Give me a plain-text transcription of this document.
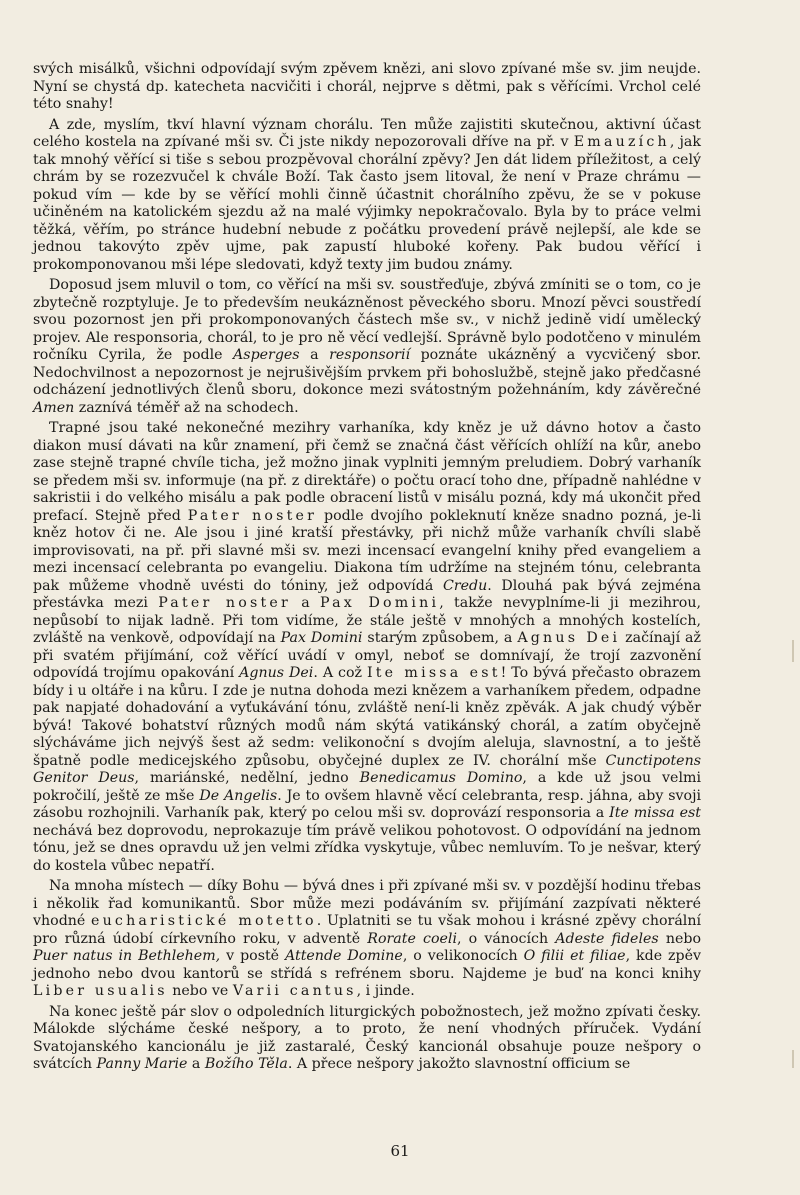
svých misálků, všichni odpovídají svým zpěvem knězi, ani slovo zpívané mše sv. jim neujde. Nyní se chystá dp. katecheta nacvičiti i chorál, nejprve s dětmi, pak s věřícími. Vrchol celé této snahy!

A zde, myslím, tkví hlavní význam chorálu. Ten může zajistiti skutečnou, aktivní účast celého kostela na zpívané mši sv. Či jste nikdy nepozorovali dříve na př. v Emauzích, jak tak mnohý věřící si tiše s sebou prozpěvoval chorální zpěvy? Jen dát lidem příležitost, a celý chrám by se rozezvučel k chvále Boží. Tak často jsem litoval, že není v Praze chrámu — pokud vím — kde by se věřící mohli činně účastnit chorálního zpěvu, že se v pokuse učiněném na katolickém sjezdu až na malé výjimky nepokračovalo. Byla by to práce velmi těžká, věřím, po stránce hudební nebude z počátku provedení právě nejlepší, ale kde se jednou takovýto zpěv ujme, pak zapustí hluboké kořeny. Pak budou věřící i prokomponovanou mši lépe sledovati, když texty jim budou známy.

Doposud jsem mluvil o tom, co věřící na mši sv. soustřeďuje, zbývá zmíniti se o tom, co je zbytečně rozptyluje. Je to především neukázněnost pěveckého sboru. Mnozí pěvci soustředí svou pozornost jen při prokomponovaných částech mše sv., v nichž jedině vidí umělecký projev. Ale responsoria, chorál, to je pro ně věcí vedlejší. Správně bylo podotčeno v minulém ročníku Cyrila, že podle Asperges a responsorií poznáte ukázněný a vycvičený sbor. Nedochvilnost a nepozornost je nejrušivějším prvkem při bohoslužbě, stejně jako předčasné odcházení jednotlivých členů sboru, dokonce mezi svátostným požehnáním, kdy závěrečné Amen zaznívá téměř až na schodech.

Trapné jsou také nekonečné mezihry varhaníka, kdy kněz je už dávno hotov a často diakon musí dávati na kůr znamení, při čemž se značná část věřících ohlíží na kůr, anebo zase stejně trapné chvíle ticha, jež možno jinak vyplniti jemným preludiem. Dobrý varhaník se předem mši sv. informuje (na př. z direktáře) o počtu orací toho dne, případně nahlédne v sakristii i do velkého misálu a pak podle obracení listů v misálu pozná, kdy má ukončit před prefací. Stejně před Pater noster podle dvojího pokleknutí kněze snadno pozná, je-li kněz hotov či ne. Ale jsou i jiné kratší přestávky, při nichž může varhaník chvíli slabě improvisovati, na př. při slavné mši sv. mezi incensací evangelní knihy před evangeliem a mezi incensací celebranta po evangeliu. Diakona tím udržíme na stejném tónu, celebranta pak můžeme vhodně uvésti do tóniny, jež odpovídá Credu. Dlouhá pak bývá zejména přestávka mezi Pater noster a Pax Domini, takže nevyplníme-li ji mezihrou, nepůsobí to nijak ladně. Při tom vidíme, že stále ještě v mnohých a mnohých kostelích, zvláště na venkově, odpovídají na Pax Domini starým způsobem, a Agnus Dei začínají až při svatém přijímání, což věřící uvádí v omyl, neboť se domnívají, že trojí zazvonění odpovídá trojímu opakování Agnus Dei. A což Ite missa est! To bývá přečasto obrazem bídy i u oltáře i na kůru. I zde je nutna dohoda mezi knězem a varhaníkem předem, odpadne pak napjaté dohadování a vyťukávání tónu, zvláště není-li kněz zpěvák. A jak chudý výběr bývá! Takové bohatství různých modů nám skýtá vatikánský chorál, a zatím obyčejně slýcháváme jich nejvýš šest až sedm: velikonoční s dvojím aleluja, slavnostní, a to ještě špatně podle medicejského způsobu, obyčejné duplex ze IV. chorální mše Cunctipotens Genitor Deus, mariánské, nedělní, jedno Benedicamus Domino, a kde už jsou velmi pokročilí, ještě ze mše De Angelis. Je to ovšem hlavně věcí celebranta, resp. jáhna, aby svoji zásobu rozhojnili. Varhaník pak, který po celou mši sv. doprovází responsoria a Ite missa est nechává bez doprovodu, neprokazuje tím právě velikou pohotovost. O odpovídání na jednom tónu, jež se dnes opravdu už jen velmi zřídka vyskytuje, vůbec nemluvím. To je nešvar, který do kostela vůbec nepatří.

Na mnoha místech — díky Bohu — bývá dnes i při zpívané mši sv. v pozdější hodinu třebas i několik řad komunikantů. Sbor může mezi podáváním sv. přijímání zazpívati některé vhodné eucharistické motetto. Uplatniti se tu však mohou i krásné zpěvy chorální pro různá údobí církevního roku, v adventě Rorate coeli, o vánocích Adeste fideles nebo Puer natus in Bethlehem, v postě Attende Domine, o velikonocích O filii et filiae, kde zpěv jednoho nebo dvou kantorů se střídá s refrénem sboru. Najdeme je buď na konci knihy Liber usualis nebo ve Varii cantus, i jinde.

Na konec ještě pár slov o odpoledních liturgických pobožnostech, jež možno zpívati česky. Málokde slýcháme české nešpory, a to proto, že není vhodných příruček. Vydání Svatojanského kancionálu je již zastaralé, Český kancionál obsahuje pouze nešpory o svátcích Panny Marie a Božího Těla. A přece nešpory jakožto slavnostní officium se

61
